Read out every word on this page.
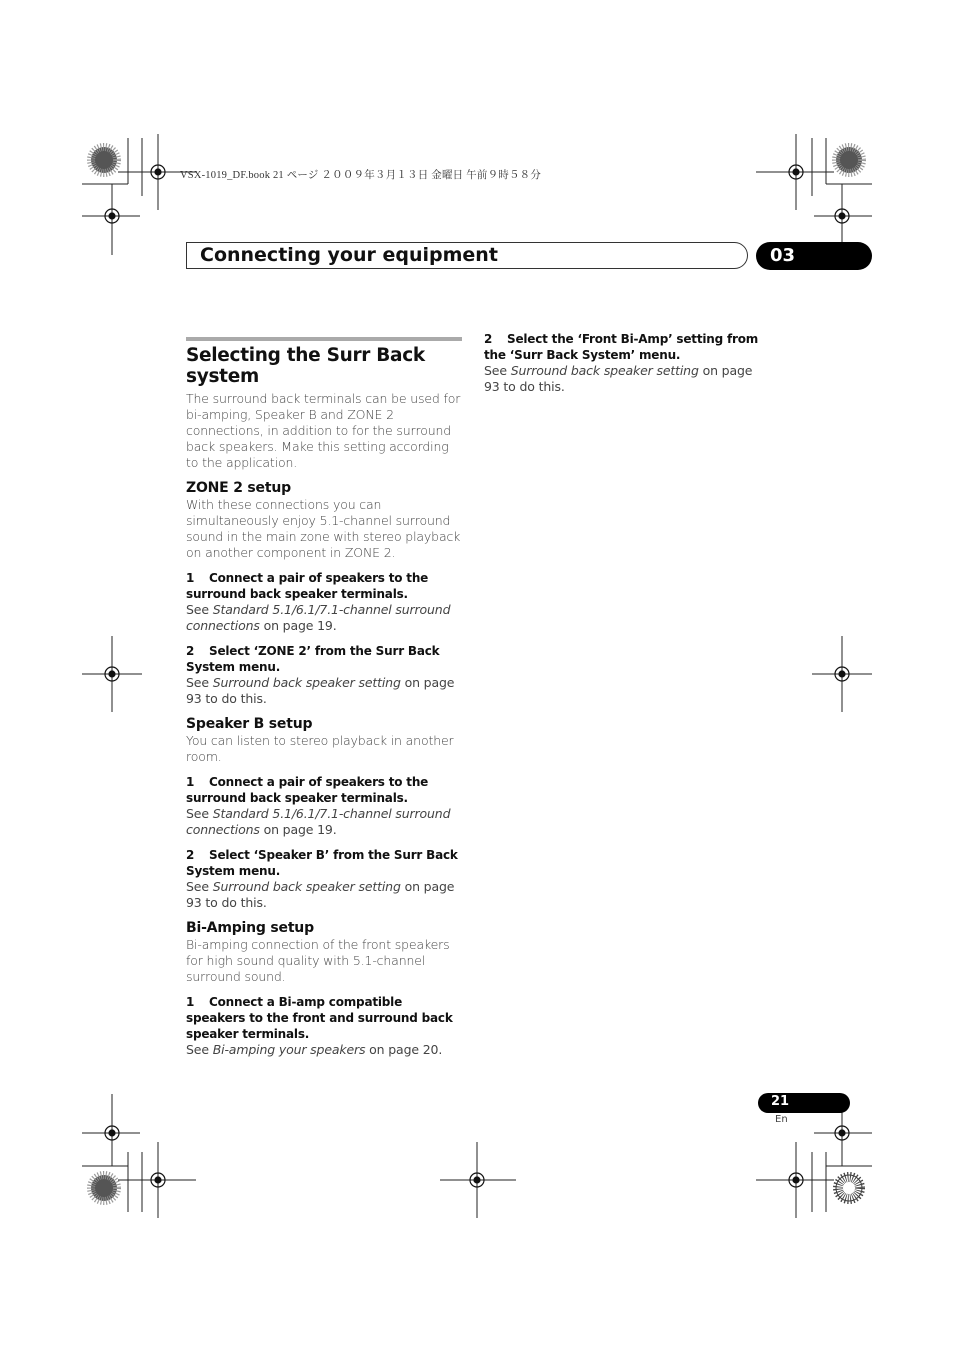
VSX-1019_DF.book 21 ページ ２００９年３月１３日 金曜日 午前９時５８分
Connecting your equipment	03
Selecting the Surr Back system

The surround back terminals can be used for bi-amping, Speaker B and ZONE 2 connections, in addition to for the surround back speakers. Make this setting according to the application.

ZONE 2 setup

With these connections you can simultaneously enjoy 5.1-channel surround sound in the main zone with stereo playback on another component in ZONE 2.

1 Connect a pair of speakers to the surround back speaker terminals.

See Standard 5.1/6.1/7.1-channel surround connections on page 19.

2 Select ‘ZONE 2’ from the Surr Back System menu.

See Surround back speaker setting on page 93 to do this.

Speaker B setup

You can listen to stereo playback in another room.

1 Connect a pair of speakers to the surround back speaker terminals.

See Standard 5.1/6.1/7.1-channel surround connections on page 19.

2 Select ‘Speaker B’ from the Surr Back System menu.

See Surround back speaker setting on page 93 to do this.

Bi-Amping setup

Bi-amping connection of the front speakers for high sound quality with 5.1-channel surround sound.

1 Connect a Bi-amp compatible speakers to the front and surround back speaker terminals.

See Bi-amping your speakers on page 20.

2 Select the ‘Front Bi-Amp’ setting from the ‘Surr Back System’ menu.

See Surround back speaker setting on page 93 to do this.

21
En
